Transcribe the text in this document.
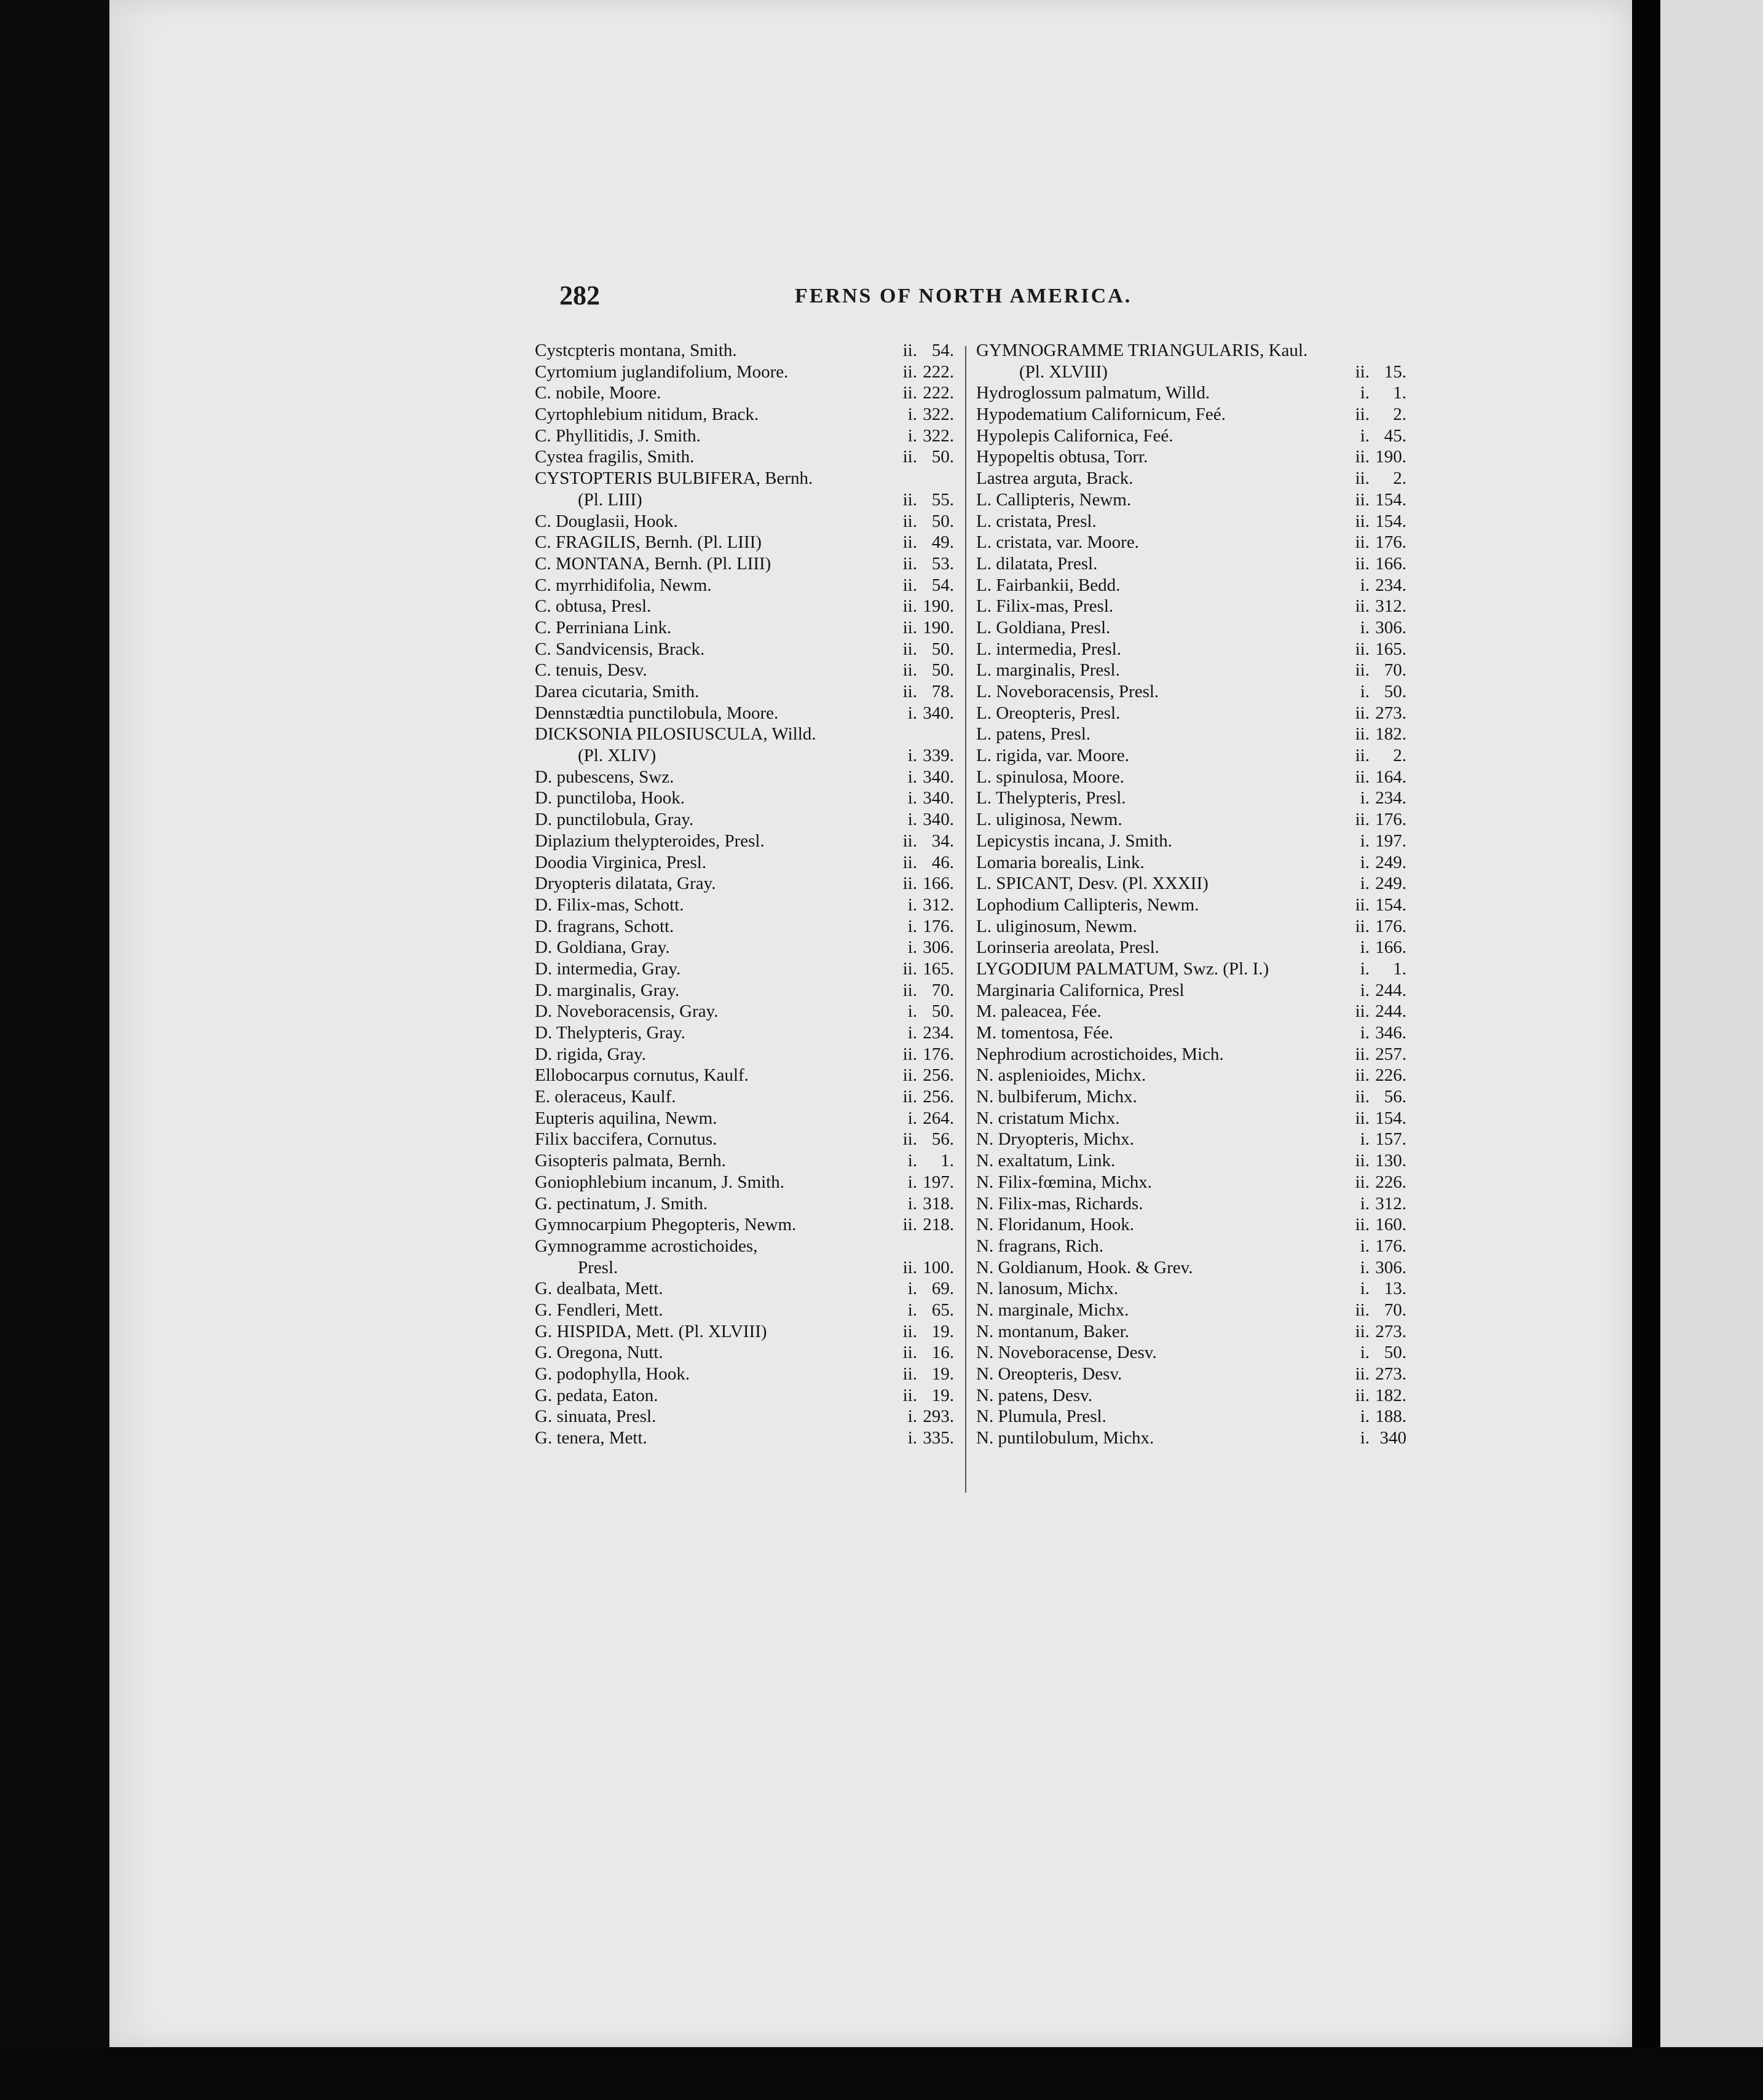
282	FERNS OF NORTH AMERICA.
Cystcpteris montana, Smith.	ii. 54.
Cyrtomium juglandifolium, Moore.	ii. 222.
C. nobile, Moore.	ii. 222.
Cyrtophlebium nitidum, Brack.	i. 322.
C. Phyllitidis, J. Smith.	i. 322.
Cystea fragilis, Smith.	ii. 50.
CYSTOPTERIS BULBIFERA, Bernh.
(Pl. LIII)	ii. 55.
C. Douglasii, Hook.	ii. 50.
C. FRAGILIS, Bernh. (Pl. LIII)	ii. 49.
C. MONTANA, Bernh. (Pl. LIII)	ii. 53.
C. myrrhidifolia, Newm.	ii. 54.
C. obtusa, Presl.	ii. 190.
C. Perriniana Link.	ii. 190.
C. Sandvicensis, Brack.	ii. 50.
C. tenuis, Desv.	ii. 50.
Darea cicutaria, Smith.	ii. 78.
Dennstædtia punctilobula, Moore.	i. 340.
DICKSONIA PILOSIUSCULA, Willd.
(Pl. XLIV)	i. 339.
D. pubescens, Swz.	i. 340.
D. punctiloba, Hook.	i. 340.
D. punctilobula, Gray.	i. 340.
Diplazium thelypteroides, Presl.	ii. 34.
Doodia Virginica, Presl.	ii. 46.
Dryopteris dilatata, Gray.	ii. 166.
D. Filix-mas, Schott.	i. 312.
D. fragrans, Schott.	i. 176.
D. Goldiana, Gray.	i. 306.
D. intermedia, Gray.	ii. 165.
D. marginalis, Gray.	ii. 70.
D. Noveboracensis, Gray.	i. 50.
D. Thelypteris, Gray.	i. 234.
D. rigida, Gray.	ii. 176.
Ellobocarpus cornutus, Kaulf.	ii. 256.
E. oleraceus, Kaulf.	ii. 256.
Eupteris aquilina, Newm.	i. 264.
Filix baccifera, Cornutus.	ii. 56.
Gisopteris palmata, Bernh.	i.	1.
Goniophlebium incanum, J. Smith.	i. 197.
G. pectinatum, J. Smith.	i. 318.
Gymnocarpium Phegopteris, Newm.	ii. 218.
Gymnogramme acrostichoides,
Presl.	ii. 100.
G. dealbata, Mett.	i. 69.
G. Fendleri, Mett.	i. 65.
G. HISPIDA, Mett. (Pl. XLVIII)	ii. 19.
G. Oregona, Nutt.	ii. 16.
G. podophylla, Hook.	ii. 19.
G. pedata, Eaton.	ii. 19.
G. sinuata, Presl.	i. 293.
G. tenera, Mett.	i. 335.
GYMNOGRAMME TRIANGULARIS, Kaul.
(Pl. XLVIII)	ii. 15.
Hydroglossum palmatum, Willd.	i.	1.
Hypodematium Californicum, Feé.	ii.	2.
Hypolepis Californica, Feé.	i. 45.
Hypopeltis obtusa, Torr.	ii. 190.
Lastrea arguta, Brack.	ii.	2.
L. Callipteris, Newm.	ii. 154.
L. cristata, Presl.	ii. 154.
L. cristata, var. Moore.	ii. 176.
L. dilatata, Presl.	ii. 166.
L. Fairbankii, Bedd.	i. 234.
L. Filix-mas, Presl.	ii. 312.
L. Goldiana, Presl.	i. 306.
L. intermedia, Presl.	ii. 165.
L. marginalis, Presl.	ii. 70.
L. Noveboracensis, Presl.	i. 50.
L. Oreopteris, Presl.	ii. 273.
L. patens, Presl.	ii. 182.
L. rigida, var. Moore.	ii.	2.
L. spinulosa, Moore.	ii. 164.
L. Thelypteris, Presl.	i. 234.
L. uliginosa, Newm.	ii. 176.
Lepicystis incana, J. Smith.	i. 197.
Lomaria borealis, Link.	i. 249.
L. SPICANT, Desv. (Pl. XXXII)	i. 249.
Lophodium Callipteris, Newm.	ii. 154.
L. uliginosum, Newm.	ii. 176.
Lorinseria areolata, Presl.	i. 166.
LYGODIUM PALMATUM, Swz. (Pl. I.)	i.	1.
Marginaria Californica, Presl	i. 244.
M. paleacea, Fée.	ii. 244.
M. tomentosa, Fée.	i. 346.
Nephrodium acrostichoides, Mich.	ii. 257.
N. asplenioides, Michx.	ii. 226.
N. bulbiferum, Michx.	ii. 56.
N. cristatum Michx.	ii. 154.
N. Dryopteris, Michx.	i. 157.
N. exaltatum, Link.	ii. 130.
N. Filix-fœmina, Michx.	ii. 226.
N. Filix-mas, Richards.	i. 312.
N. Floridanum, Hook.	ii. 160.
N. fragrans, Rich.	i. 176.
N. Goldianum, Hook. & Grev.	i. 306.
N. lanosum, Michx.	i. 13.
N. marginale, Michx.	ii. 70.
N. montanum, Baker.	ii. 273.
N. Noveboracense, Desv.	i. 50.
N. Oreopteris, Desv.	ii. 273.
N. patens, Desv.	ii. 182.
N. Plumula, Presl.	i. 188.
N. puntilobulum, Michx.	i. 340
